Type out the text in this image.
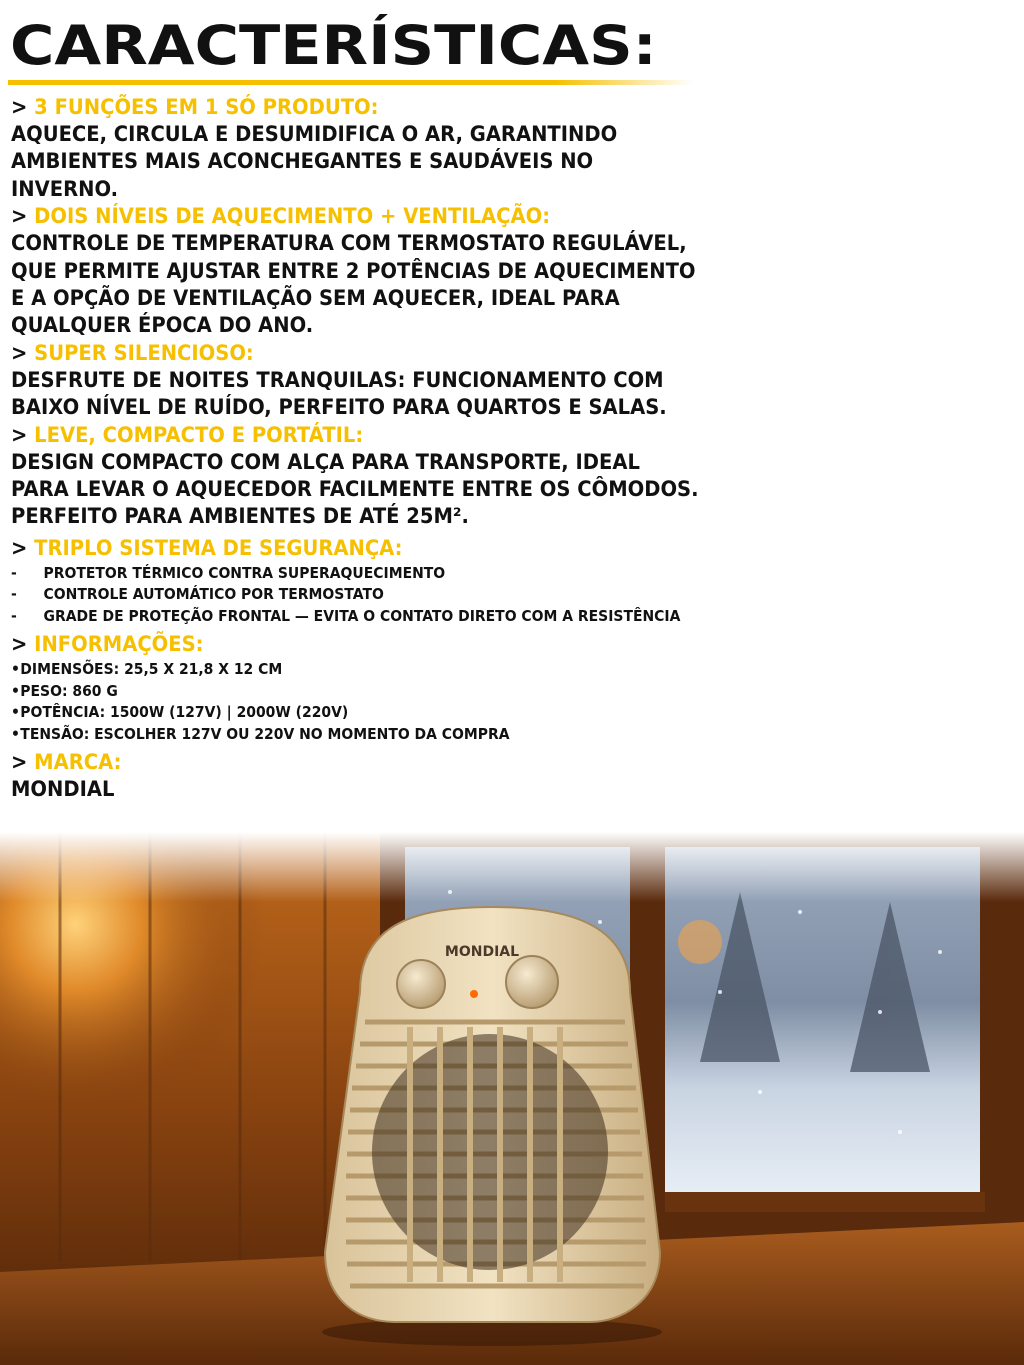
CARACTERÍSTICAS:
> 3 FUNÇÕES EM 1 SÓ PRODUTO:
AQUECE, CIRCULA E DESUMIDIFICA O AR, GARANTINDO AMBIENTES MAIS ACONCHEGANTES E SAUDÁVEIS NO INVERNO.
> DOIS NÍVEIS DE AQUECIMENTO + VENTILAÇÃO:
CONTROLE DE TEMPERATURA COM TERMOSTATO REGULÁVEL, QUE PERMITE AJUSTAR ENTRE 2 POTÊNCIAS DE AQUECIMENTO E A OPÇÃO DE VENTILAÇÃO SEM AQUECER, IDEAL PARA QUALQUER ÉPOCA DO ANO.
> SUPER SILENCIOSO:
DESFRUTE DE NOITES TRANQUILAS: FUNCIONAMENTO COM BAIXO NÍVEL DE RUÍDO, PERFEITO PARA QUARTOS E SALAS.
> LEVE, COMPACTO E PORTÁTIL:
DESIGN COMPACTO COM ALÇA PARA TRANSPORTE, IDEAL PARA LEVAR O AQUECEDOR FACILMENTE ENTRE OS CÔMODOS. PERFEITO PARA AMBIENTES DE ATÉ 25M².
> TRIPLO SISTEMA DE SEGURANÇA:
- PROTETOR TÉRMICO CONTRA SUPERAQUECIMENTO
- CONTROLE AUTOMÁTICO POR TERMOSTATO
- GRADE DE PROTEÇÃO FRONTAL — EVITA O CONTATO DIRETO COM A RESISTÊNCIA
> INFORMAÇÕES:
•DIMENSÕES: 25,5 X 21,8 X 12 CM
•PESO: 860 G
•POTÊNCIA: 1500W (127V) | 2000W (220V)
•TENSÃO: ESCOLHER 127V OU 220V NO MOMENTO DA COMPRA
> MARCA:
MONDIAL
MONDIAL
